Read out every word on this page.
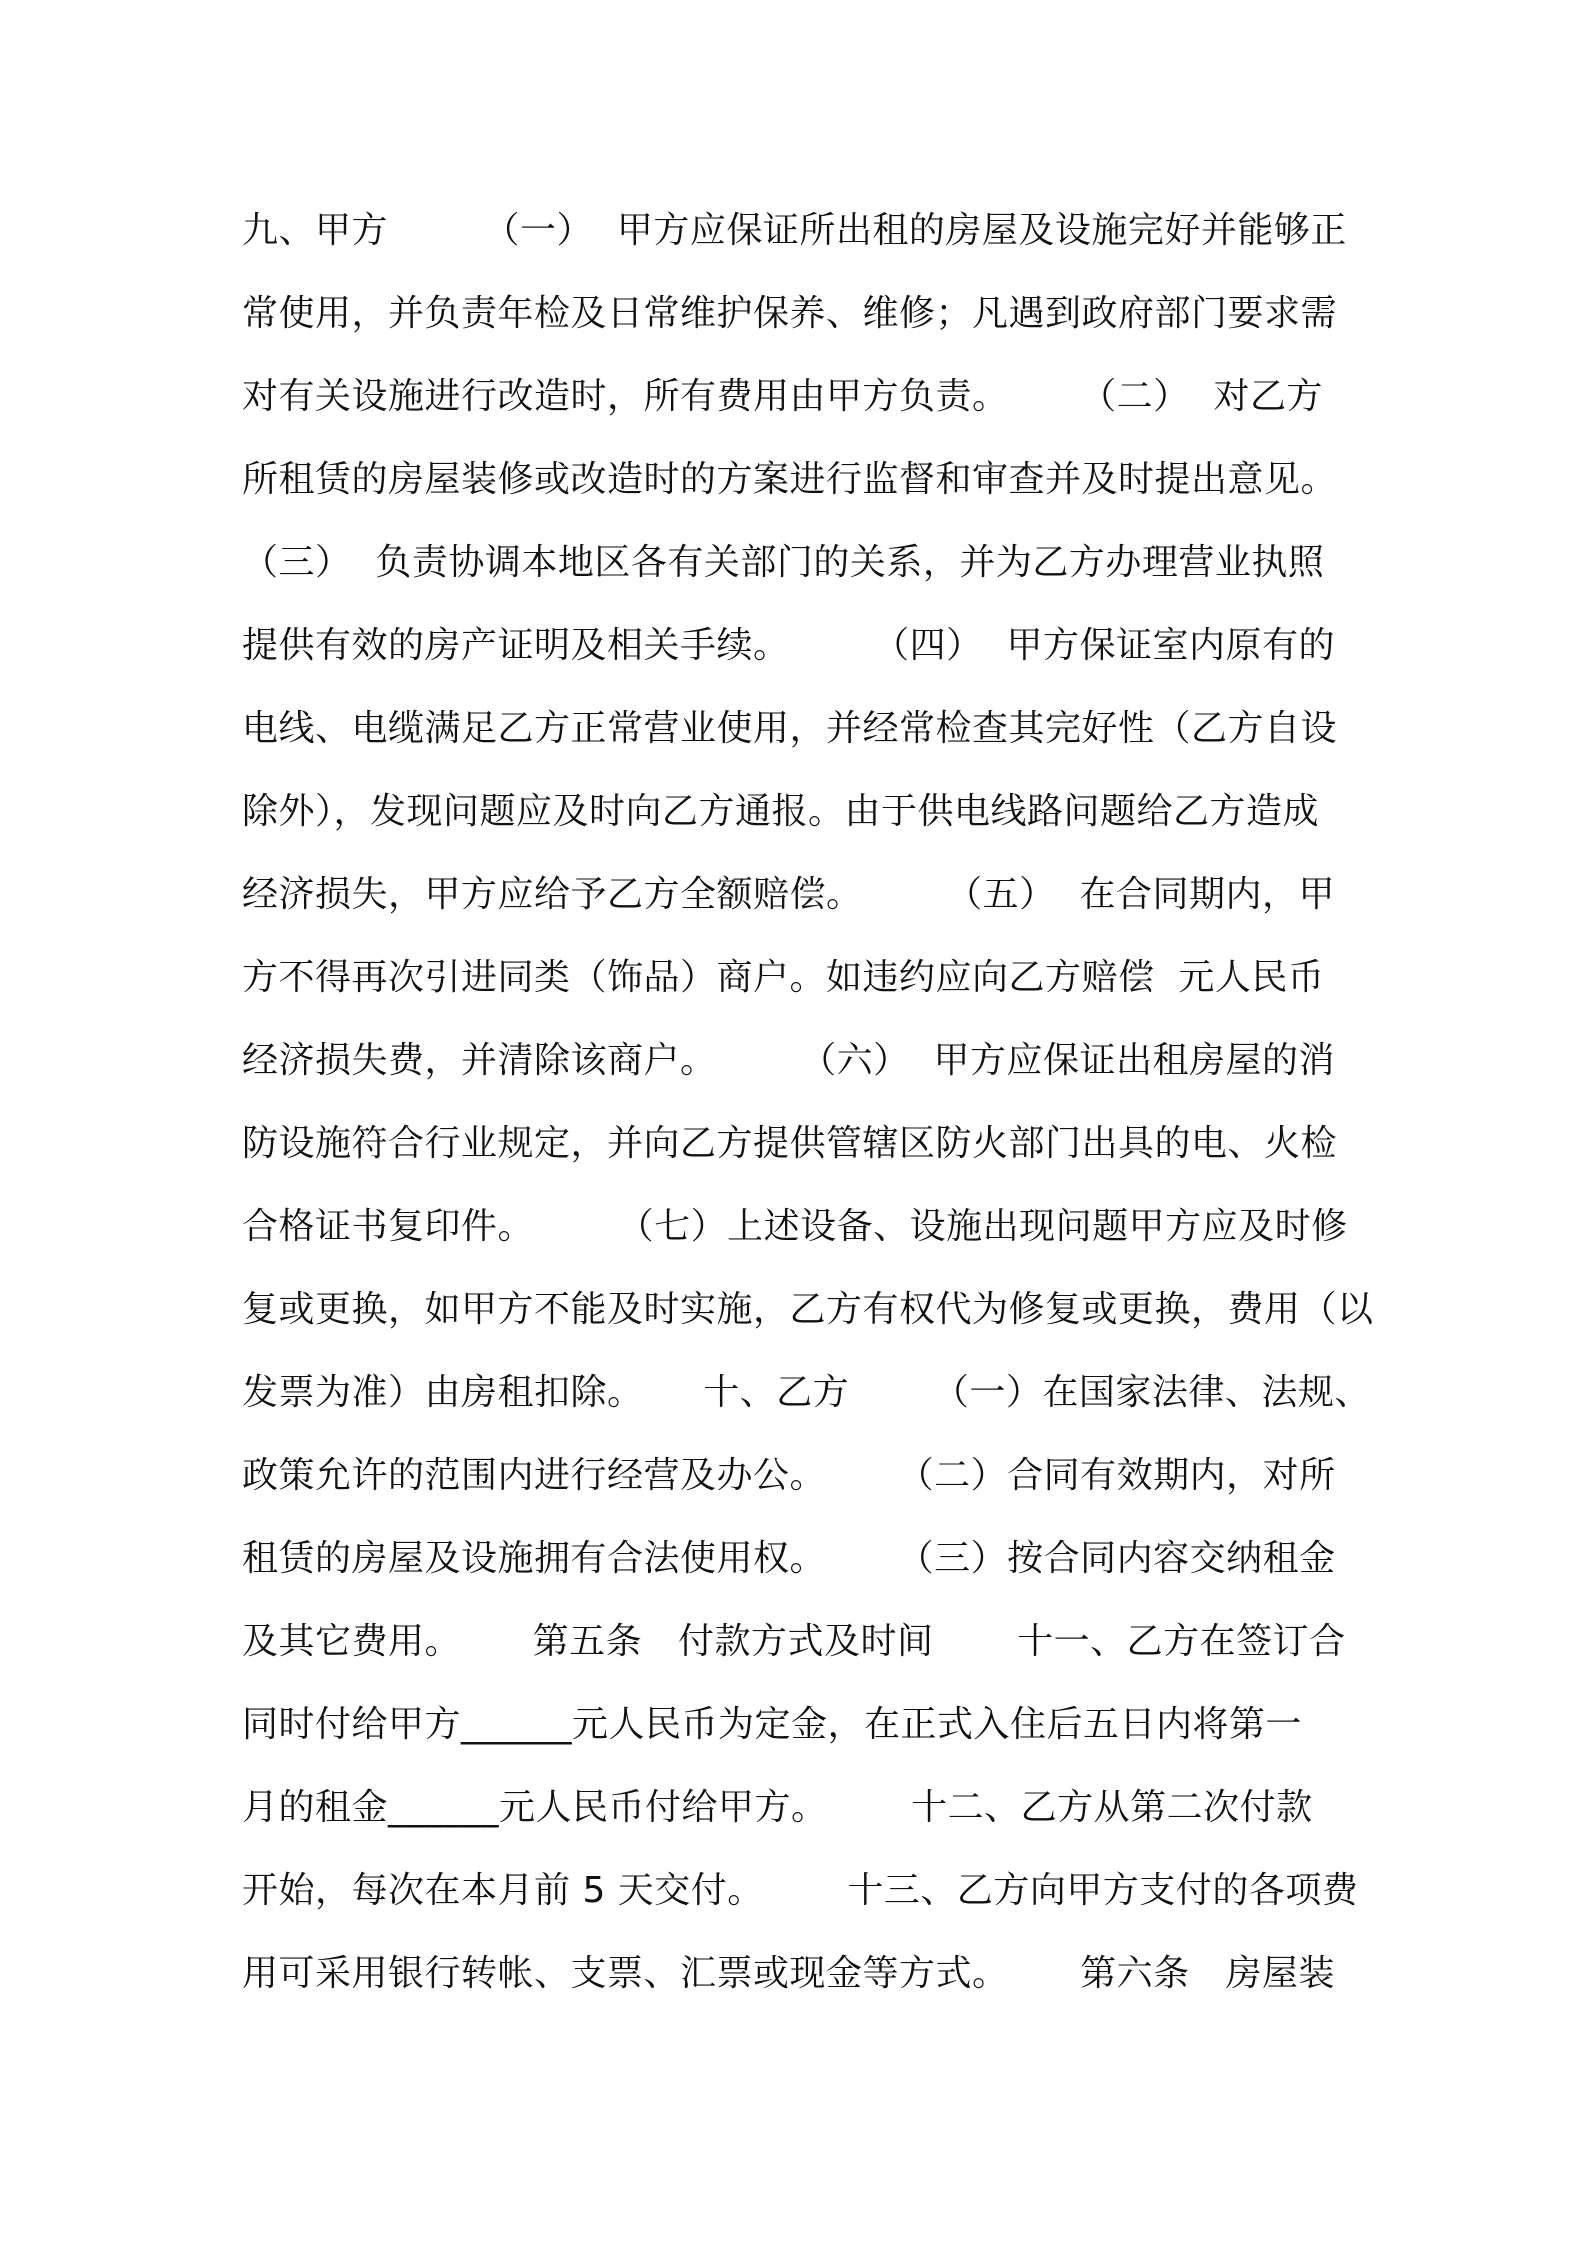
九、甲方        （一）  甲方应保证所出租的房屋及设施完好并能够正
常使用，并负责年检及日常维护保养、维修；凡遇到政府部门要求需
对有关设施进行改造时，所有费用由甲方负责。      （二）  对乙方
所租赁的房屋装修或改造时的方案进行监督和审查并及时提出意见。
（三）  负责协调本地区各有关部门的关系，并为乙方办理营业执照
提供有效的房产证明及相关手续。       （四）  甲方保证室内原有的
电线、电缆满足乙方正常营业使用，并经常检查其完好性（乙方自设
除外），发现问题应及时向乙方通报。由于供电线路问题给乙方造成
经济损失，甲方应给予乙方全额赔偿。       （五）  在合同期内，甲
方不得再次引进同类（饰品）商户。如违约应向乙方赔偿  元人民币
经济损失费，并清除该商户。       （六）  甲方应保证出租房屋的消
防设施符合行业规定，并向乙方提供管辖区防火部门出具的电、火检
合格证书复印件。       （七）上述设备、设施出现问题甲方应及时修
复或更换，如甲方不能及时实施，乙方有权代为修复或更换，费用（以
发票为准）由房租扣除。     十、乙方       （一）在国家法律、法规、
政策允许的范围内进行经营及办公。      （二）合同有效期内，对所
租赁的房屋及设施拥有合法使用权。      （三）按合同内容交纳租金
及其它费用。      第五条   付款方式及时间       十一、乙方在签订合
同时付给甲方______元人民币为定金，在正式入住后五日内将第一
月的租金______元人民币付给甲方。       十二、乙方从第二次付款
开始，每次在本月前 5 天交付。       十三、乙方向甲方支付的各项费
用可采用银行转帐、支票、汇票或现金等方式。      第六条   房屋装
